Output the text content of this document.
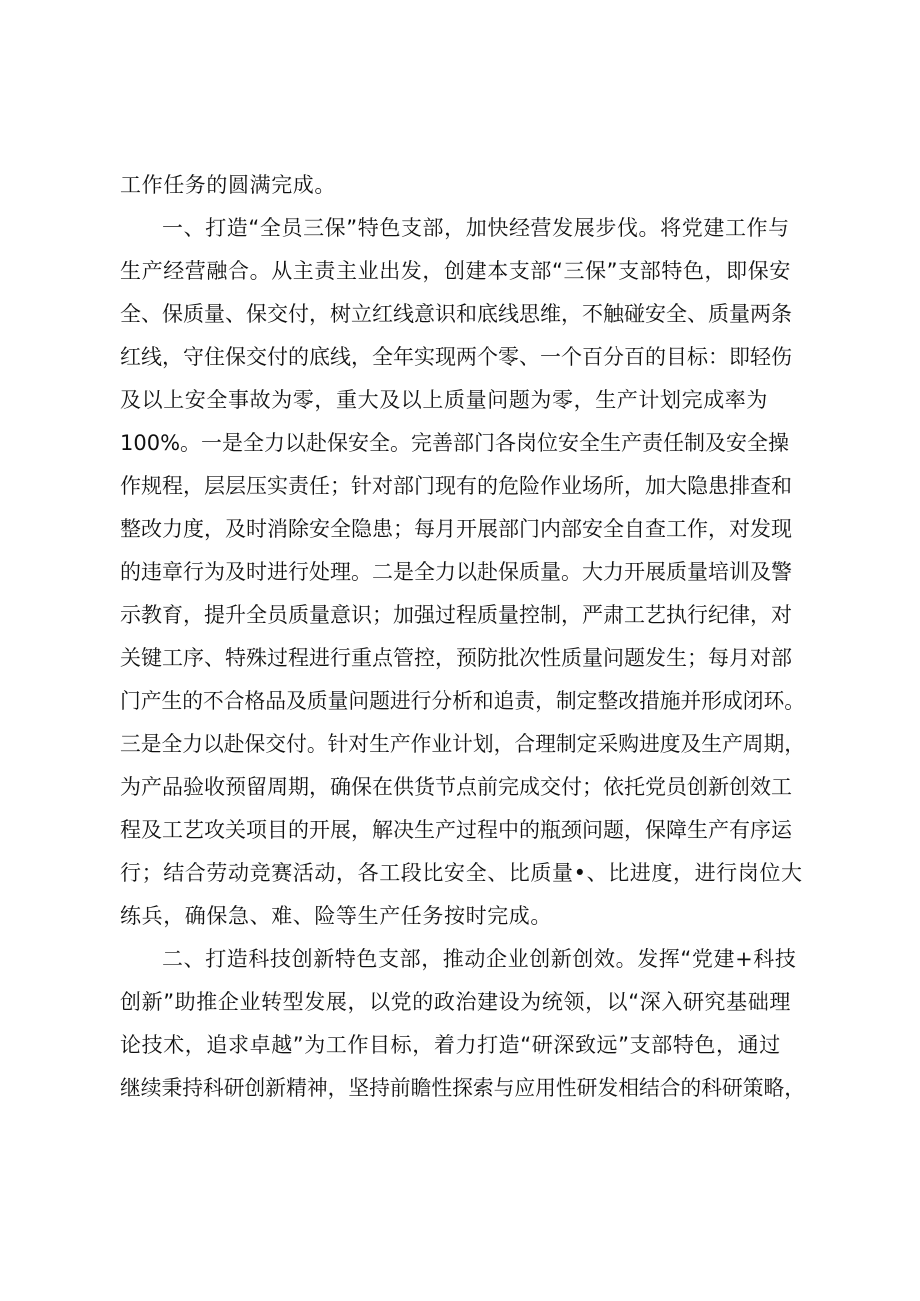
工作任务的圆满完成。
一、打造“全员三保”特色支部，加快经营发展步伐。将党建工作与
生产经营融合。从主责主业出发，创建本支部“三保”支部特色，即保安
全、保质量、保交付，树立红线意识和底线思维，不触碰安全、质量两条
红线，守住保交付的底线，全年实现两个零、一个百分百的目标：即轻伤
及以上安全事故为零，重大及以上质量问题为零，生产计划完成率为
100%。一是全力以赴保安全。完善部门各岗位安全生产责任制及安全操
作规程，层层压实责任；针对部门现有的危险作业场所，加大隐患排查和
整改力度，及时消除安全隐患；每月开展部门内部安全自查工作，对发现
的违章行为及时进行处理。二是全力以赴保质量。大力开展质量培训及警
示教育，提升全员质量意识；加强过程质量控制，严肃工艺执行纪律，对
关键工序、特殊过程进行重点管控，预防批次性质量问题发生；每月对部
门产生的不合格品及质量问题进行分析和追责，制定整改措施并形成闭环。
三是全力以赴保交付。针对生产作业计划，合理制定采购进度及生产周期，
为产品验收预留周期，确保在供货节点前完成交付；依托党员创新创效工
程及工艺攻关项目的开展，解决生产过程中的瓶颈问题，保障生产有序运
行；结合劳动竞赛活动，各工段比安全、比质量•、比进度，进行岗位大
练兵，确保急、难、险等生产任务按时完成。
二、打造科技创新特色支部，推动企业创新创效。发挥“党建+科技
创新”助推企业转型发展，以党的政治建设为统领，以“深入研究基础理
论技术，追求卓越”为工作目标，着力打造“研深致远”支部特色，通过
继续秉持科研创新精神，坚持前瞻性探索与应用性研发相结合的科研策略，
